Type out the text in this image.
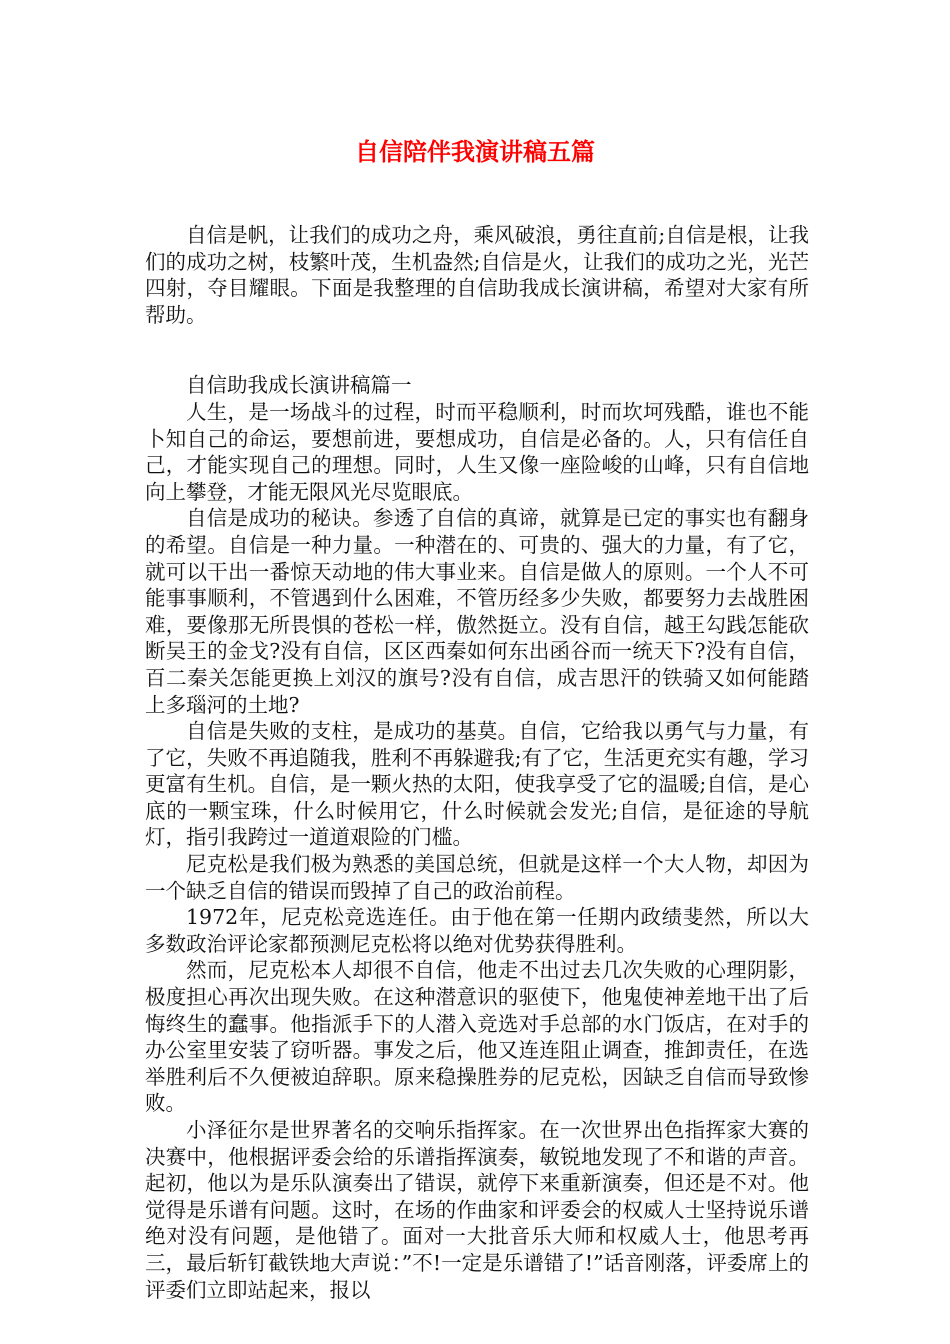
自信陪伴我演讲稿五篇

自信是帆，让我们的成功之舟，乘风破浪，勇往直前;自信是根，让我们的成功之树，枝繁叶茂，生机盎然;自信是火，让我们的成功之光，光芒四射，夺目耀眼。下面是我整理的自信助我成长演讲稿，希望对大家有所帮助。

自信助我成长演讲稿篇一

人生，是一场战斗的过程，时而平稳顺利，时而坎坷残酷，谁也不能卜知自己的命运，要想前进，要想成功，自信是必备的。人，只有信任自己，才能实现自己的理想。同时，人生又像一座险峻的山峰，只有自信地向上攀登，才能无限风光尽览眼底。

自信是成功的秘诀。参透了自信的真谛，就算是已定的事实也有翻身的希望。自信是一种力量。一种潜在的、可贵的、强大的力量，有了它，就可以干出一番惊天动地的伟大事业来。自信是做人的原则。一个人不可能事事顺利，不管遇到什么困难，不管历经多少失败，都要努力去战胜困难，要像那无所畏惧的苍松一样，傲然挺立。没有自信，越王勾践怎能砍断吴王的金戈?没有自信，区区西秦如何东出函谷而一统天下?没有自信，百二秦关怎能更换上刘汉的旗号?没有自信，成吉思汗的铁骑又如何能踏上多瑙河的土地?

自信是失败的支柱，是成功的基莫。自信，它给我以勇气与力量，有了它，失败不再追随我，胜利不再躲避我;有了它，生活更充实有趣，学习更富有生机。自信，是一颗火热的太阳，使我享受了它的温暖;自信，是心底的一颗宝珠，什么时候用它，什么时候就会发光;自信，是征途的导航灯，指引我跨过一道道艰险的门槛。

尼克松是我们极为熟悉的美国总统，但就是这样一个大人物，却因为一个缺乏自信的错误而毁掉了自己的政治前程。

1972年，尼克松竞选连任。由于他在第一任期内政绩斐然，所以大多数政治评论家都预测尼克松将以绝对优势获得胜利。

然而，尼克松本人却很不自信，他走不出过去几次失败的心理阴影，极度担心再次出现失败。在这种潜意识的驱使下，他鬼使神差地干出了后悔终生的蠢事。他指派手下的人潜入竞选对手总部的水门饭店，在对手的办公室里安装了窃听器。事发之后，他又连连阻止调查，推卸责任，在选举胜利后不久便被迫辞职。原来稳操胜券的尼克松，因缺乏自信而导致惨败。

小泽征尔是世界著名的交响乐指挥家。在一次世界出色指挥家大赛的决赛中，他根据评委会给的乐谱指挥演奏，敏锐地发现了不和谐的声音。起初，他以为是乐队演奏出了错误，就停下来重新演奏，但还是不对。他觉得是乐谱有问题。这时，在场的作曲家和评委会的权威人士坚持说乐谱绝对没有问题，是他错了。面对一大批音乐大师和权威人士，他思考再三，最后斩钉截铁地大声说：”不!一定是乐谱错了!”话音刚落，评委席上的评委们立即站起来，报以
